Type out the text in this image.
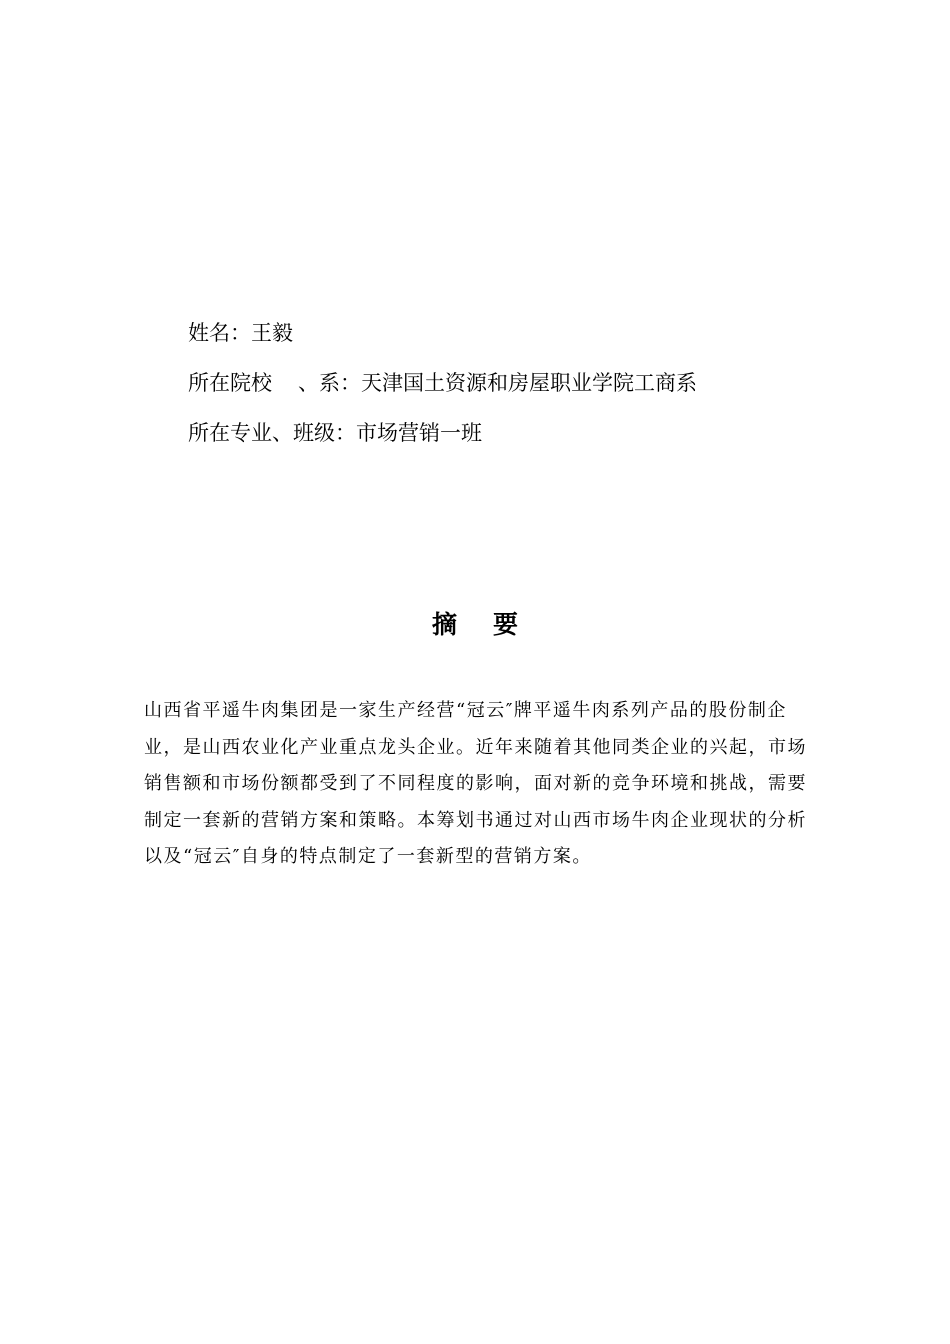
姓名：王毅
所在院校 、系：天津国土资源和房屋职业学院工商系
所在专业、班级：市场营销一班
摘要
山西省平遥牛肉集团是一家生产经营“冠云″牌平遥牛肉系列产品的股份制企
业，是山西农业化产业重点龙头企业。近年来随着其他同类企业的兴起，市场
销售额和市场份额都受到了不同程度的影响，面对新的竞争环境和挑战，需要
制定一套新的营销方案和策略。本筹划书通过对山西市场牛肉企业现状的分析
以及“冠云″自身的特点制定了一套新型的营销方案。
